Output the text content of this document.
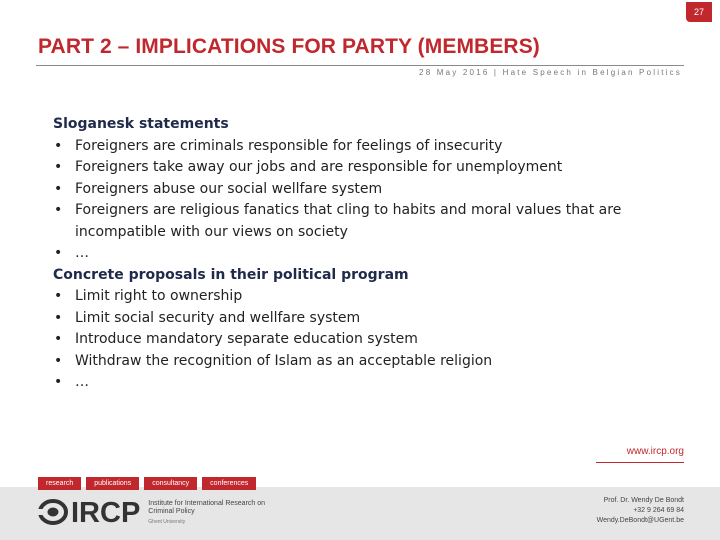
27
PART 2 – IMPLICATIONS FOR PARTY (MEMBERS)
28 May 2016 | Hate Speech in Belgian Politics

Sloganesk statements

• Foreigners are criminals responsible for feelings of insecurity
• Foreigners take away our jobs and are responsible for unemployment
• Foreigners abuse our social wellfare system
• Foreigners are religious fanatics that cling to habits and moral values that are incompatible with our views on society
• …

Concrete proposals in their political program

• Limit right to ownership
• Limit social security and wellfare system
• Introduce mandatory separate education system
• Withdraw the recognition of Islam as an acceptable religion
• …
research	publications	consultancy	conferences
IRCP Institute for International Research on Criminal Policy
Ghent University
www.ircp.org
Prof. Dr. Wendy De Bondt
+32 9 264 69 84
Wendy.DeBondt@UGent.be
